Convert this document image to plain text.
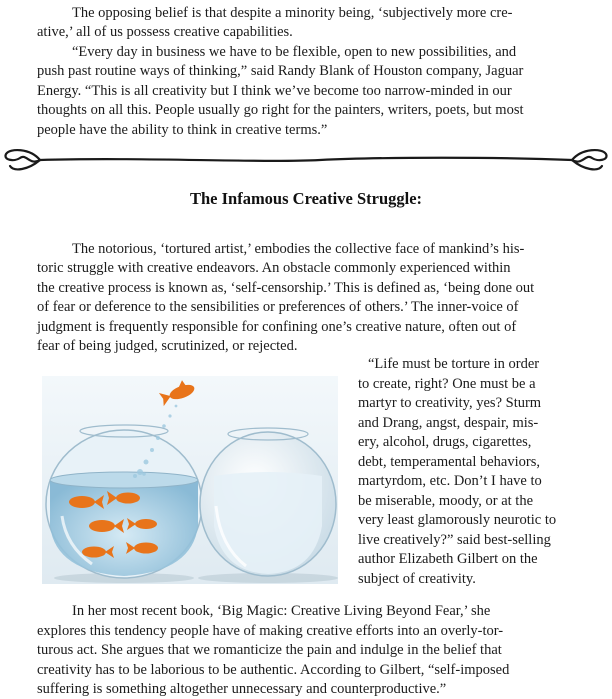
The opposing belief is that despite a minority being, ‘subjectively more cre-
ative,’ all of us possess creative capabilities.
“Every day in business we have to be flexible, open to new possibilities, and
push past routine ways of thinking,” said Randy Blank of Houston company, Jaguar
Energy. “This is all creativity but I think we’ve become too narrow-minded in our
thoughts on all this. People usually go right for the painters, writers, poets, but most
people have the ability to think in creative terms.”
The Infamous Creative Struggle:
The notorious, ‘tortured artist,’ embodies the collective face of mankind’s his-
toric struggle with creative endeavors. An obstacle commonly experienced within
the creative process is known as, ‘self-censorship.’ This is defined as, ‘being done out
of fear or deference to the sensibilities or preferences of others.’ The inner-voice of
judgment is frequently responsible for confining one’s creative nature, often out of
fear of being judged, scrutinized, or rejected.
“Life must be torture in order
to create, right? One must be a
martyr to creativity, yes? Sturm
and Drang, angst, despair, mis-
ery, alcohol, drugs, cigarettes,
debt, temperamental behaviors,
martyrdom, etc. Don’t I have to
be miserable, moody, or at the
very least glamorously neurotic to
live creatively?” said best-selling
author Elizabeth Gilbert on the
subject of creativity.
In her most recent book, ‘Big Magic: Creative Living Beyond Fear,’ she
explores this tendency people have of making creative efforts into an overly-tor-
turous act. She argues that we romanticize the pain and indulge in the belief that
creativity has to be laborious to be authentic. According to Gilbert, “self-imposed
suffering is something altogether unnecessary and counterproductive.”
